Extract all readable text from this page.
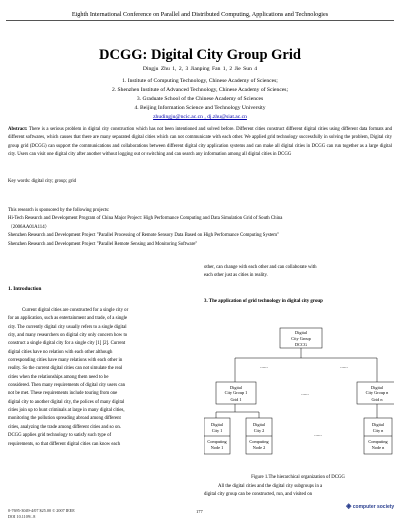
Eighth International Conference on Parallel and Distributed Computing, Applications and Technologies
DCGG: Digital City Group Grid
Dingju Zhu 1, 2, 3 Jianping Fan 1, 2 Jie Sun 4
1. Institute of Computing Technology, Chinese Academy of Sciences;
2. Shenzhen Institute of Advanced Technology, Chinese Academy of Sciences;
3. Graduate School of the Chinese Academy of Sciences
4. Beijing Information Science and Technology University
zhudingju@ncic.ac.cn , dj.zhu@siat.ac.cn
Abstract: There is a serious problem in digital city construction which has not been intentioned and solved before. Different cities construct different digital cities using different data formats and different softwares, which causes that there are many separated digital cities which can not communicate with each other. We applied grid technology successfully in solving the problem, Digital city group grid (DCGG) can support the communications and collaborations between different digital city application systems and can make all digital cities in DCGG can run together as a large digital city. Users can visit one digital city after another without logging out or switching and can search any information among all digital cities in DCGG
Key words: digital city; group; grid
This research is sponsored by the following projects:
Hi-Tech Research and Development Program of China Major Project: High Performance Computing and Data Simulation Grid of South China
（2006AA01A114）
Shenzhen Research and Development Project "Parallel Processing of Remote Sensory Data Based on High Performance Computing System"
Shenzhen Research and Development Project "Parallel Remote Sensing and Monitoring Software"
1. Introduction
Current digital cities are constructed for a single city or
for an application, such as entertainment and trade, of a single
city. The currently digital city usually refers to a single digital
city, and many researchers on digital city only concern how to
construct a single digital city for a single city [1] [2]. Current
digital cities have no relation with each other although
corresponding cities have many relations with each other in
reality. So the current digital cities can not simulate the real
cities when the relationships among them need to be
considered. Then many requirements of digital city users can
not be met. These requirements include touring from one
digital city to another digital city, the polices of many digital
cities join up to hunt criminals at large in many digital cities,
monitoring the pollution spreading abroad among different
cities, analyzing the trade among different cities and so on.
DCGG applies grid technology to satisfy such type of
requirements, so that different digital cities can know each
other, can change with each other and can collaborate with
each other just as cities in reality.
3. The application of grid technology in digital city group
Digital
City Group
DCCG
Digital
City Group 1
Grid 1
Digital
City Group n
Grid n
Digital
City 1
Computing
Node 1
Digital
City 2
Computing
Node 2
Digital
City n
Computing
Node n
......	......
......
......
Figure 1.The hierarchical organization of DCGG
All the digital cities and the digital city subgroups in a
digital city group can be constructed, run, and visited on
0-7695-3049-4/07 $25.00 © 2007 IEEE
DOI 10.1109/..8
177
◈ computer society
